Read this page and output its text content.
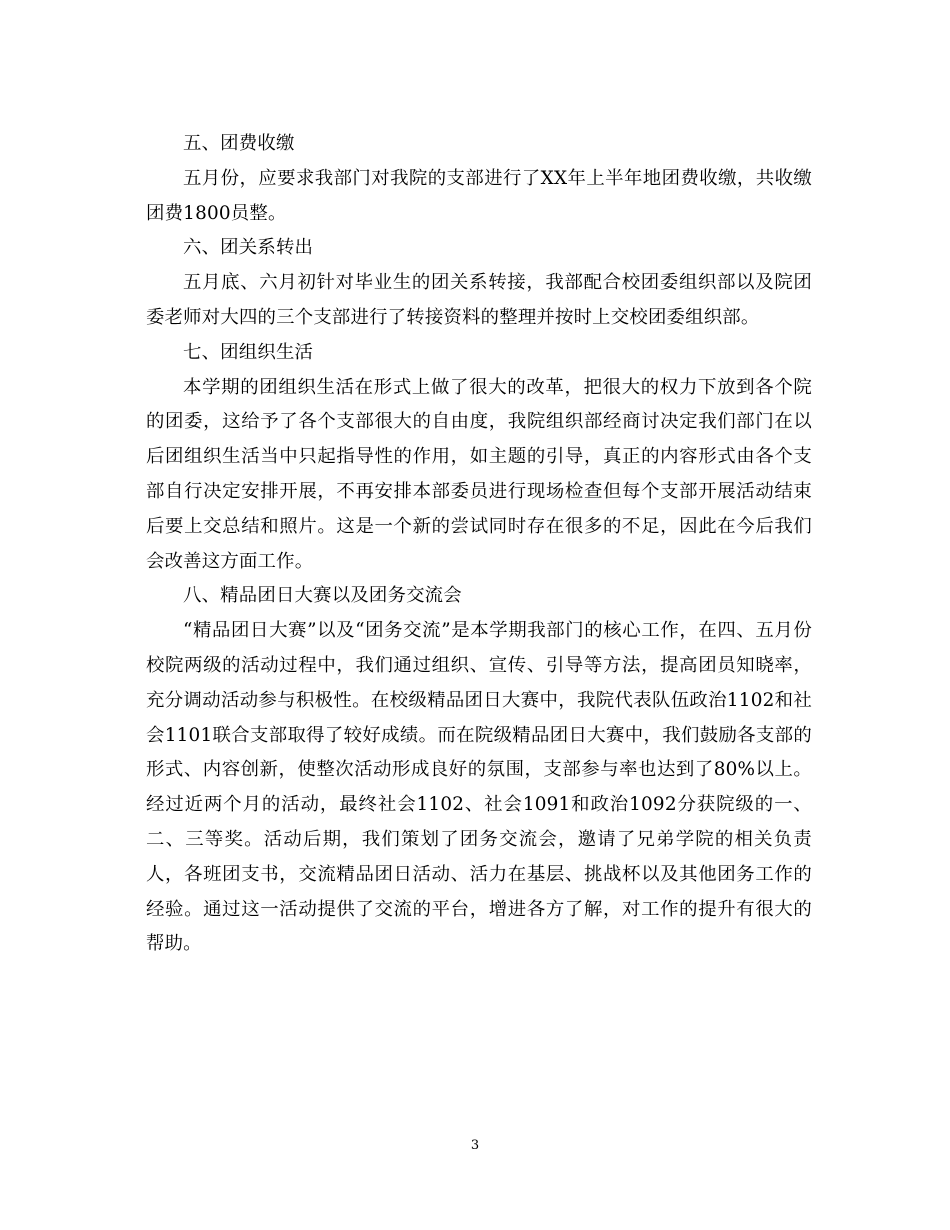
五、团费收缴

五月份，应要求我部门对我院的支部进行了XX年上半年地团费收缴，共收缴团费1800员整。

六、团关系转出

五月底、六月初针对毕业生的团关系转接，我部配合校团委组织部以及院团委老师对大四的三个支部进行了转接资料的整理并按时上交校团委组织部。

七、团组织生活

本学期的团组织生活在形式上做了很大的改革，把很大的权力下放到各个院的团委，这给予了各个支部很大的自由度，我院组织部经商讨决定我们部门在以后团组织生活当中只起指导性的作用，如主题的引导，真正的内容形式由各个支部自行决定安排开展，不再安排本部委员进行现场检查但每个支部开展活动结束后要上交总结和照片。这是一个新的尝试同时存在很多的不足，因此在今后我们会改善这方面工作。

八、精品团日大赛以及团务交流会

“精品团日大赛”以及“团务交流”是本学期我部门的核心工作，在四、五月份校院两级的活动过程中，我们通过组织、宣传、引导等方法，提高团员知晓率，充分调动活动参与积极性。在校级精品团日大赛中，我院代表队伍政治1102和社会1101联合支部取得了较好成绩。而在院级精品团日大赛中，我们鼓励各支部的形式、内容创新，使整次活动形成良好的氛围，支部参与率也达到了80%以上。经过近两个月的活动，最终社会1102、社会1091和政治1092分获院级的一、二、三等奖。活动后期，我们策划了团务交流会，邀请了兄弟学院的相关负责人，各班团支书，交流精品团日活动、活力在基层、挑战杯以及其他团务工作的经验。通过这一活动提供了交流的平台，增进各方了解，对工作的提升有很大的帮助。

3
